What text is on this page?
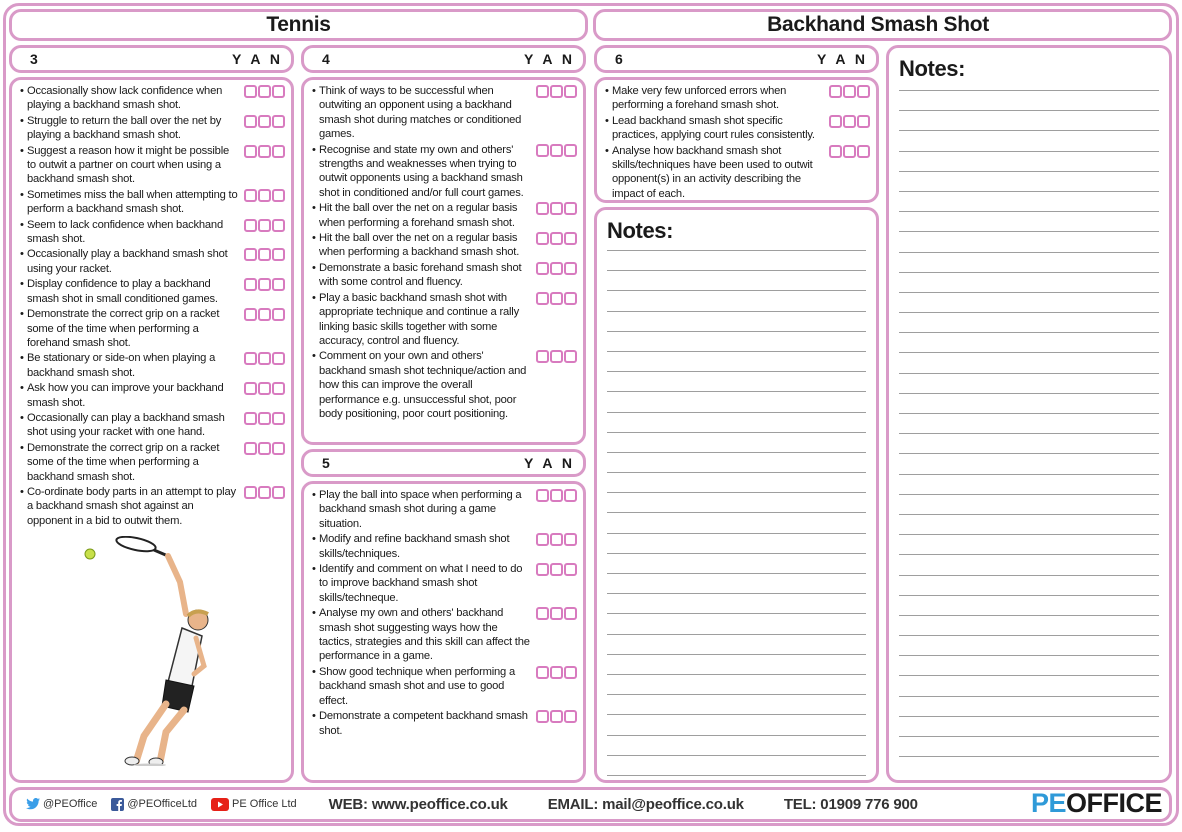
Tennis	Backhand Smash Shot
3	Y A N
• Occasionally show lack confidence when playing a backhand smash shot.
• Struggle to return the ball over the net by playing a backhand smash shot.
• Suggest a reason how it might be possible to outwit a partner on court when using a backhand smash shot.
• Sometimes miss the ball when attempting to perform a backhand smash shot.
• Seem to lack confidence when backhand smash shot.
• Occasionally play a backhand smash shot using your racket.
• Display confidence to play a backhand smash shot in small conditioned games.
• Demonstrate the correct grip on a racket some of the time when performing a forehand smash shot.
• Be stationary or side-on when playing a backhand smash shot.
• Ask how you can improve your backhand smash shot.
• Occasionally can play a backhand smash shot using your racket with one hand.
• Demonstrate the correct grip on a racket some of the time when performing a backhand smash shot.
• Co-ordinate body parts in an attempt to play a backhand smash shot against an opponent in a bid to outwit them.
4	Y A N
• Think of ways to be successful when outwiting an opponent using a backhand smash shot during matches or conditioned games.
• Recognise and state my own and others' strengths and weaknesses when trying to outwit opponents using a backhand smash shot in conditioned and/or full court games.
• Hit the ball over the net on a regular basis when performing a forehand smash shot.
• Hit the ball over the net on a regular basis when performing a backhand smash shot.
• Demonstrate a basic forehand smash shot with some control and fluency.
• Play a basic backhand smash shot with appropriate technique and continue a rally linking basic skills together with some accuracy, control and fluency.
• Comment on your own and others' backhand smash shot technique/action and how this can improve the overall performance e.g. unsuccessful shot, poor body positioning, poor court positioning.
5	Y A N
• Play the ball into space when performing a backhand smash shot during a game situation.
• Modify and refine backhand smash shot skills/techniques.
• Identify and comment on what I need to do to improve backhand smash shot skills/techneque.
• Analyse my own and others' backhand smash shot suggesting ways how the tactics, strategies and this skill can affect the performance in a game.
• Show good technique when performing a backhand smash shot and use to good effect.
• Demonstrate a competent backhand smash shot.
6	Y A N
• Make very few unforced errors when performing a forehand smash shot.
• Lead backhand smash shot specific practices, applying court rules consistently.
• Analyse how backhand smash shot skills/techniques have been used to outwit opponent(s) in an activity describing the impact of each.
Notes:
Notes:
@PEOffice	@PEOfficeLtd	PE Office Ltd WEB: www.peoffice.co.uk	EMAIL: mail@peoffice.co.uk	TEL: 01909 776 900	PEOFFICE
